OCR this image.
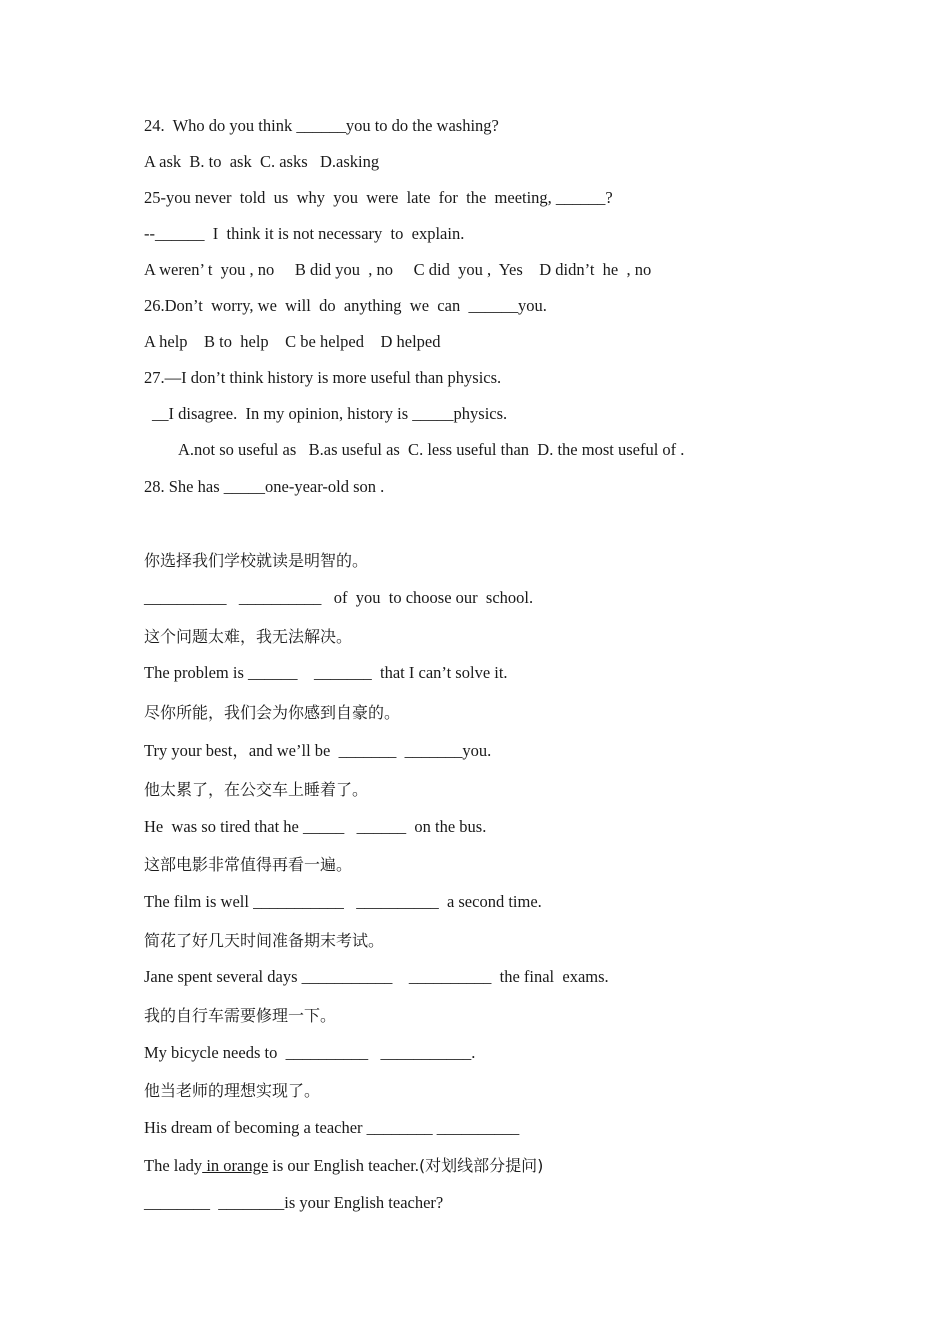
24.  Who do you think ______you to do the washing?
A ask  B. to  ask  C. asks   D.asking
25-you never  told  us  why  you  were  late  for  the  meeting, ______?
--______  I  think it is not necessary  to  explain.
A weren’ t  you , no     B did you  , no     C did  you ,  Yes    D didn’t  he  , no
26.Don’t  worry, we  will  do  anything  we  can  ______you.
A help    B to  help    C be helped    D helped
27.—I don’t think history is more useful than physics.
__I disagree.  In my opinion, history is _____physics.
A.not so useful as   B.as useful as  C. less useful than  D. the most useful of .
28. She has _____one-year-old son .
你选择我们学校就读是明智的。
__________   __________   of  you  to choose our  school.
这个问题太难，我无法解决。
The problem is ______    _______  that I can’t solve it.
尽你所能，我们会为你感到自豪的。
Try your best，and we’ll be  _______  _______you.
他太累了，在公交车上睡着了。
He  was so tired that he _____   ______  on the bus.
这部电影非常值得再看一遍。
The film is well ___________   __________  a second time.
简花了好几天时间准备期末考试。
Jane spent several days ___________    __________  the final  exams.
我的自行车需要修理一下。
My bicycle needs to  __________   ___________.
他当老师的理想实现了。
His dream of becoming a teacher ________ __________
The lady in orange is our English teacher.(对划线部分提问)
________  ________is your English teacher?
